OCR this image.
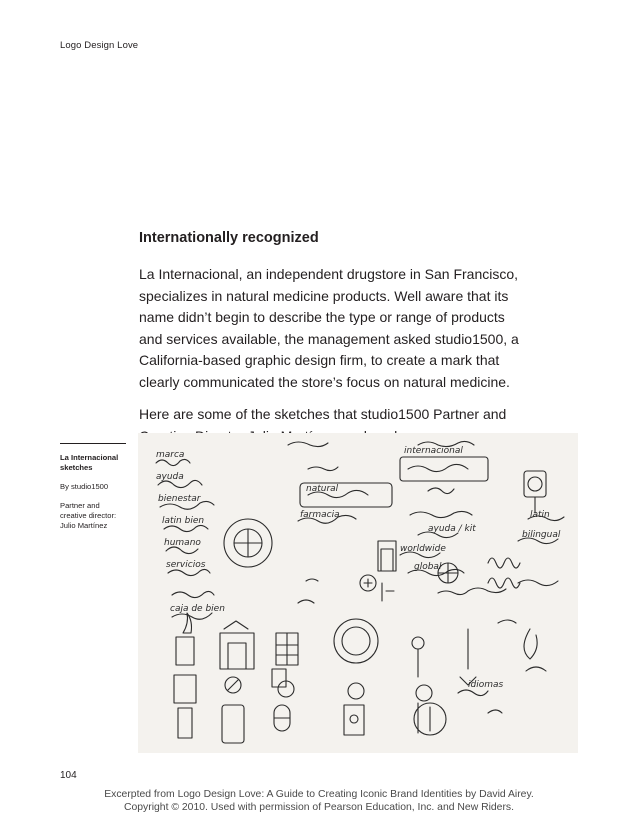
Logo Design Love
Internationally recognized

La Internacional, an independent drugstore in San Francisco,
specializes in natural medicine products. Well aware that its
name didn’t begin to describe the type or range of products
and services available, the management asked studio1500, a
California-based graphic design firm, to create a mark that
clearly communicated the store’s focus on natural medicine.

Here are some of the sketches that studio1500 Partner and

La Internacional
sketches
By studio1500
Partner and
creative director:
Julio Martínez
marca
ayuda
bienestar
latin bien
humano
servicios
caja de bien
internacional
natural
farmacia
worldwide
global
idiomas
latin
bilingual
ayuda / kit
104
Excerpted from Logo Design Love: A Guide to Creating Iconic Brand Identities by David Airey.
Copyright © 2010. Used with permission of Pearson Education, Inc. and New Riders.
